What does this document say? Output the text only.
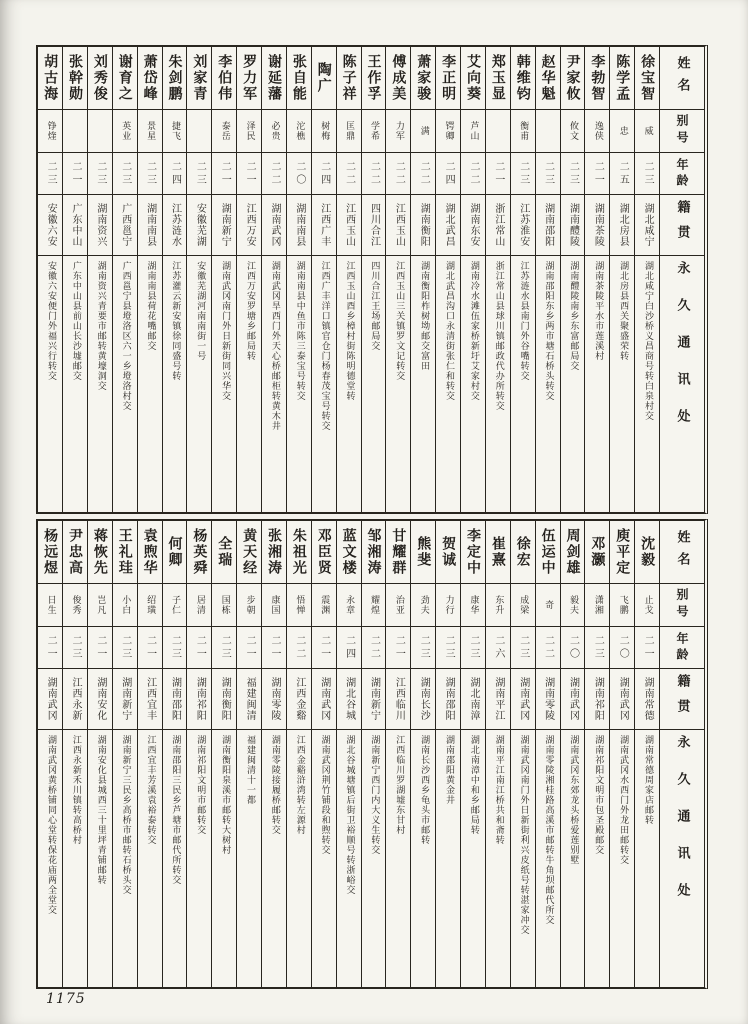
姓名
别号
年龄
籍贯
永久通讯处
徐宝智
威
二三
湖北咸宁
湖北咸宁白沙桥义昌商号转白泉村交
陈学孟
忠
二五
湖北房县
湖北房县西关聚盛荣转
李勃智
逸侠
二一
湖南茶陵
湖南茶陵平水市莲溪村
尹家攸
攸文
二三
湖南醴陵
湖南醴陵南乡东富邮局交
赵华魁
二三
湖南邵阳
湖南邵阳东乡两市塘石桥头转交
韩维钧
衡甫
二三
江苏淮安
江苏涟水县南门外谷嘴转交
郑玉显
二一
浙江常山
浙江常山县球川镇邮政代办所转交
艾向葵
芦山
二二
湖南东安
湖南冷水滩伍家桥新圩艾家村交
李正明
锷卿
二四
湖北武昌
湖北武昌沟口永清街张仁和转交
萧家骏
满
二二
湖南衡阳
湖南衡阳柞树坳邮交富田
傅成美
力军
二二
江西玉山
江西玉山三关镇罗文记转交
王作孚
学希
二二
四川合江
四川合江王场邮局交
陈子祥
匡鼎
二二
江西玉山
江西玉山酉乡樟村街陈明德堂转
陶广
树梅
二四
江西广丰
江西广丰洋口镇官仓门杨春茂宝号转交
张自能
沱樵
二〇
湖南南县
湖南南县中鱼市陈三泰宝号转交
谢延藩
必贵
二二
湖南武冈
湖南武冈旱西门外天心桥邮柜转黄木井
罗力军
泽民
二一
江西万安
江西万安罗塘乡邮局转
李伯伟
泰岳
二一
湖南新宁
湖南武冈南门外日新街同兴华交
刘家青
二三
安徽芜湖
安徽芜湖河南南街一号
朱剑鹏
捷飞
二四
江苏涟水
江苏灌云新安镇徐同盛号转
萧岱峰
景星
二三
湖南南县
湖南南县荷花嘴邮交
谢育之
英业
二三
广西邕宁
广西邕宁县墱洛区六一乡墱洛村交
刘秀俊
二三
湖南资兴
湖南资兴青要市邮转黄壕洞交
张幹勋
二一
广东中山
广东中山县前山长沙墟邮交
胡古海
铮煃
二三
安徽六安
安徽六安便门外福兴行转交
姓名
别号
年龄
籍贯
永久通讯处
沈毅
止戈
二一
湖南常德
湖南常德周家店邮转
庾平定
飞鹏
二〇
湖南武冈
湖南武冈水西门外龙田邮转交
邓灏
潇湘
二三
湖南祁阳
湖南祁阳文明市包圣殿邮交
周剑雄
毅夫
二〇
湖南武冈
湖南武冈东郊龙头桥爱莲别墅
伍运中
奇
二二
湖南零陵
湖南零陵湘桂路高溪市邮转牛角坝邮代所交
徐宏
成梁
二三
湖南武冈
湖南武冈南门外日新街利兴皮纸号转湛家冲交
崔熹
东升
二六
湖南平江
湖南平江南江桥共和斋转
李定中
康华
二三
湖北南漳
湖北南漳中和乡邮局转
贺诚
力行
二三
湖南邵阳
湖南邵阳黄金井
熊斐
劲夫
二三
湖南长沙
湖南长沙西乡龟头市邮转
甘耀群
治亚
二一
江西临川
江西临川罗湖墟东甘村
邹湘涛
耀煌
二二
湖南新宁
湖南新宁西门内大义生转交
蓝文楼
永章
二四
湖北谷城
湖北谷城塘镇后街卫裕顺号转浙峪交
邓臣贤
震渊
二一
湖南武冈
湖南武冈荆竹铺段和煦转交
朱祖光
悟惮
二二
江西金谿
江西金谿浒湾转左源村
张湘涛
康国
二一
湖南零陵
湖南零陵接履桥邮转交
黄天经
步朝
二一
福建闽清
福建闽清十一都
全瑞
国栋
二三
湖南衡阳
湖南衡阳泉溪市邮转大树村
杨英舜
居清
二一
湖南祁阳
湖南祁阳文明市邮转交
何卿
子仁
二三
湖南邵阳
湖南邵阳三民乡芦塘市邮代所转交
袁煦华
绍璜
二一
江西宜丰
江西宜丰芳溪袁裕泰转交
王礼珪
小白
二三
湖南新宁
湖南新宁三民乡高桥市邮转石桥头交
蒋恢先
岂凡
二一
湖南安化
湖南安化县城西三十里坪青铺邮转
尹忠高
俊秀
二三
江西永新
江西永新禾川镇转高桥村
杨远煜
日生
二一
湖南武冈
湖南武冈黄桥铺同心堂转保花庙两全堂交
1175
